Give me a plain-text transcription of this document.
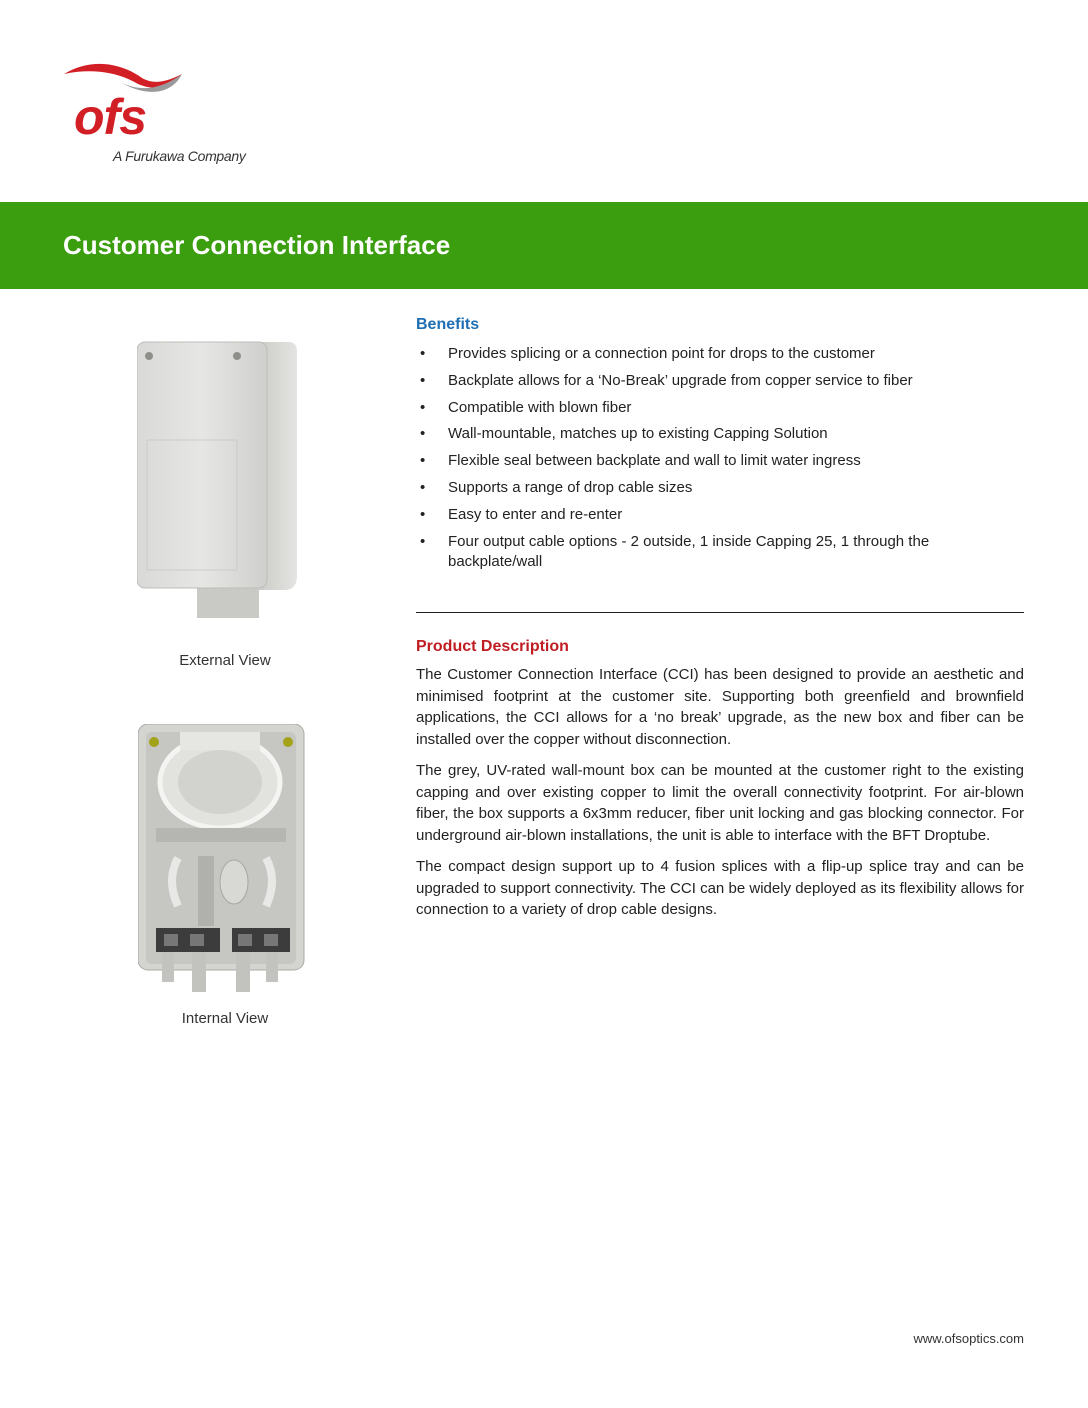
ofs
A Furukawa Company
Customer Connection Interface
External View
Internal View
Benefits
• Provides splicing or a connection point for drops to the customer
• Backplate allows for a ‘No-Break’ upgrade from copper service to fiber
• Compatible with blown fiber
• Wall-mountable, matches up to existing Capping Solution
• Flexible seal between backplate and wall to limit water ingress
• Supports a range of drop cable sizes
• Easy to enter and re-enter
• Four output cable options - 2 outside, 1 inside Capping 25, 1 through the backplate/wall
Product Description

The Customer Connection Interface (CCI) has been designed to provide an aesthetic and minimised footprint at the customer site. Supporting both greenfield and brownfield applications, the CCI allows for a ‘no break’ upgrade, as the new box and fiber can be installed over the copper without disconnection.

The grey, UV-rated wall-mount box can be mounted at the customer right to the existing capping and over existing copper to limit the overall connectivity footprint. For air-blown fiber, the box supports a 6x3mm reducer, fiber unit locking and gas blocking connector. For underground air-blown installations, the unit is able to interface with the BFT Droptube.

The compact design support up to 4 fusion splices with a flip-up splice tray and can be upgraded to support connectivity. The CCI can be widely deployed as its flexibility allows for connection to a variety of drop cable designs.

www.ofsoptics.com
